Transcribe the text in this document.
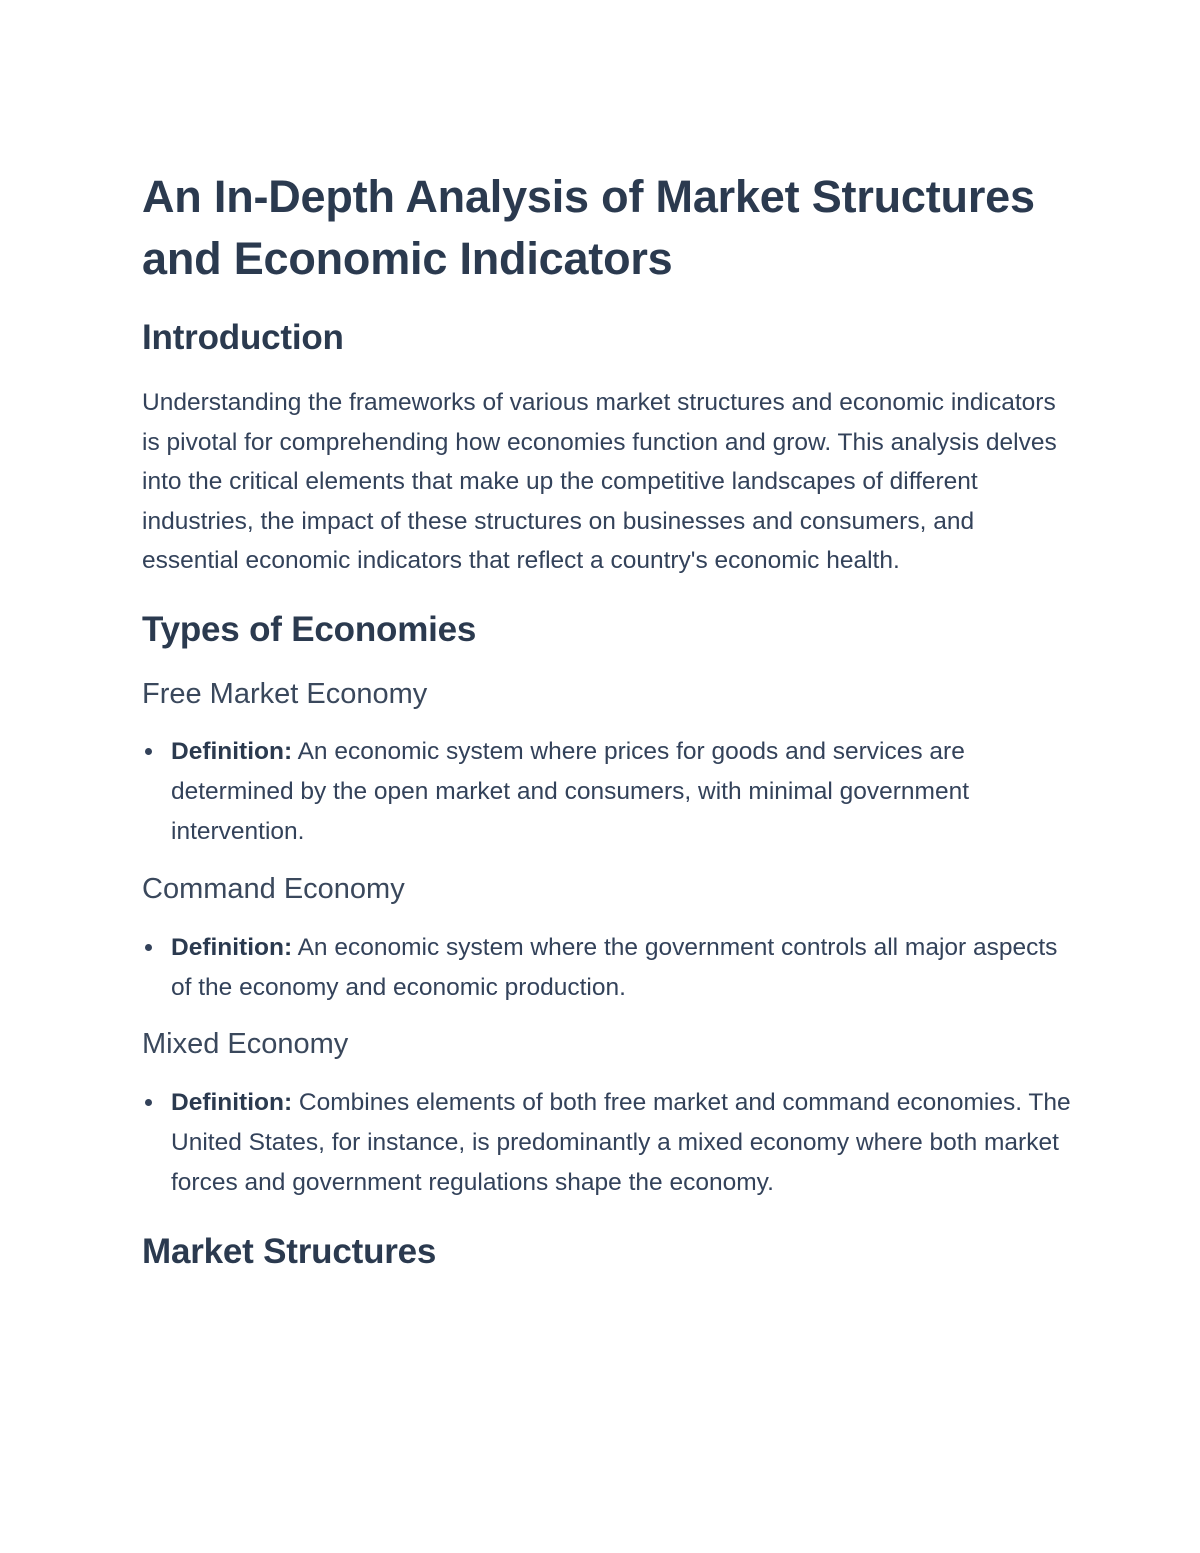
An In-Depth Analysis of Market Structures and Economic Indicators
Introduction

Understanding the frameworks of various market structures and economic indicators is pivotal for comprehending how economies function and grow. This analysis delves into the critical elements that make up the competitive landscapes of different industries, the impact of these structures on businesses and consumers, and essential economic indicators that reflect a country's economic health.

Types of Economies
Free Market Economy
Definition: An economic system where prices for goods and services are determined by the open market and consumers, with minimal government intervention.
Command Economy
Definition: An economic system where the government controls all major aspects of the economy and economic production.
Mixed Economy
Definition: Combines elements of both free market and command economies. The United States, for instance, is predominantly a mixed economy where both market forces and government regulations shape the economy.
Market Structures
